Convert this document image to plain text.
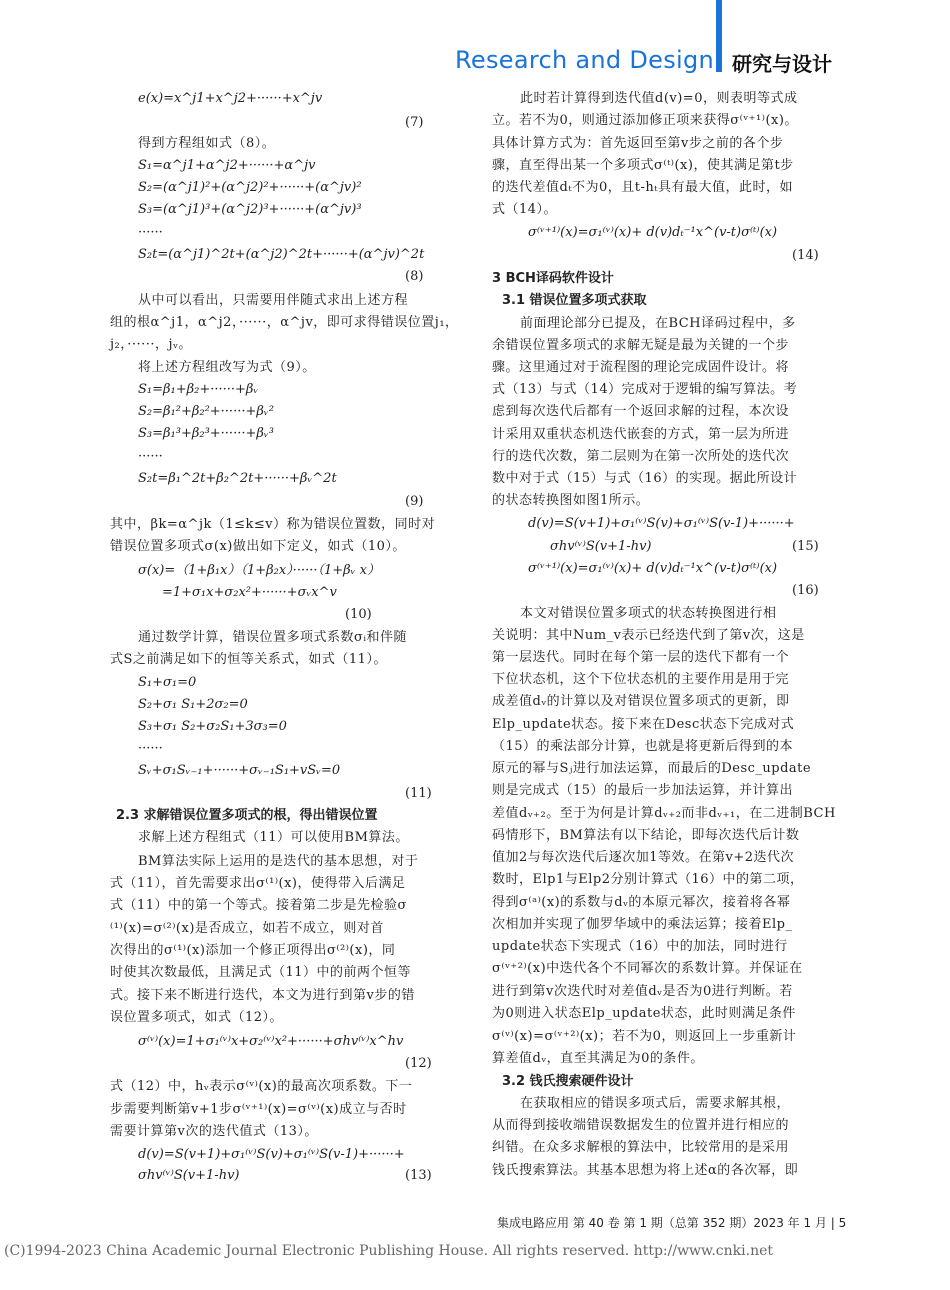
Research and Design 研究与设计
e(x)=x^j1+x^j2+······+x^jv
(7)
得到方程组如式（8）。
S₁=α^j1+α^j2+······+α^jv
S₂=(α^j1)²+(α^j2)²+······+(α^jv)²
S₃=(α^j1)³+(α^j2)³+······+(α^jv)³
······
S₂t=(α^j1)^2t+(α^j2)^2t+······+(α^jv)^2t
(8)
从中可以看出，只需要用伴随式求出上述方程
组的根α^j1，α^j2，······，α^jv，即可求得错误位置j₁，
j₂，······，jᵥ。
将上述方程组改写为式（9）。
S₁=β₁+β₂+······+βᵥ
S₂=β₁²+β₂²+······+βᵥ²
S₃=β₁³+β₂³+······+βᵥ³
······
S₂t=β₁^2t+β₂^2t+······+βᵥ^2t
(9)
其中，βk=α^jk（1≤k≤v）称为错误位置数，同时对
错误位置多项式σ(x)做出如下定义，如式（10）。
σ(x)=（1+β₁x）（1+β₂x）······（1+βᵥ x）
=1+σ₁x+σ₂x²+······+σᵥx^v
(10)
通过数学计算，错误位置多项式系数σᵢ和伴随
式S之前满足如下的恒等关系式，如式（11）。
S₁+σ₁=0
S₂+σ₁ S₁+2σ₂=0
S₃+σ₁ S₂+σ₂S₁+3σ₃=0
······
Sᵥ+σ₁Sᵥ₋₁+······+σᵥ₋₁S₁+vSᵥ=0
(11)
2.3 求解错误位置多项式的根，得出错误位置
求解上述方程组式（11）可以使用BM算法。
BM算法实际上运用的是迭代的基本思想，对于
式（11），首先需要求出σ⁽¹⁾(x)，使得带入后满足
式（11）中的第一个等式。接着第二步是先检验σ
⁽¹⁾(x)=σ⁽²⁾(x)是否成立，如若不成立，则对首
次得出的σ⁽¹⁾(x)添加一个修正项得出σ⁽²⁾(x)，同
时使其次数最低，且满足式（11）中的前两个恒等
式。接下来不断进行迭代，本文为进行到第v步的错
误位置多项式，如式（12）。
σ⁽ᵛ⁾(x)=1+σ₁⁽ᵛ⁾x+σ₂⁽ᵛ⁾x²+······+σhv⁽ᵛ⁾x^hv
(12)
式（12）中，hᵥ表示σ⁽ᵛ⁾(x)的最高次项系数。下一
步需要判断第v+1步σ⁽ᵛ⁺¹⁾(x)=σ⁽ᵛ⁾(x)成立与否时
需要计算第v次的迭代值式（13）。
d(v)=S(v+1)+σ₁⁽ᵛ⁾S(v)+σ₁⁽ᵛ⁾S(v-1)+······+
σhv⁽ᵛ⁾S(v+1-hv)	(13)
此时若计算得到迭代值d(v)=0，则表明等式成
立。若不为0，则通过添加修正项来获得σ⁽ᵛ⁺¹⁾(x)。
具体计算方式为：首先返回至第v步之前的各个步
骤，直至得出某一个多项式σ⁽ᵗ⁾(x)，使其满足第t步
的迭代差值dₜ不为0，且t-hₜ具有最大值，此时，如
式（14）。
σ⁽ᵛ⁺¹⁾(x)=σ₁⁽ᵛ⁾(x)+ d(v)dₜ⁻¹x^(v-t)σ⁽ᵗ⁾(x)
(14)
3 BCH译码软件设计
3.1 错误位置多项式获取
前面理论部分已提及，在BCH译码过程中，多
余错误位置多项式的求解无疑是最为关键的一个步
骤。这里通过对于流程图的理论完成固件设计。将
式（13）与式（14）完成对于逻辑的编写算法。考
虑到每次迭代后都有一个返回求解的过程，本次设
计采用双重状态机迭代嵌套的方式，第一层为所进
行的迭代次数，第二层则为在第一次所处的迭代次
数中对于式（15）与式（16）的实现。据此所设计
的状态转换图如图1所示。
d(v)=S(v+1)+σ₁⁽ᵛ⁾S(v)+σ₁⁽ᵛ⁾S(v-1)+······+
σhv⁽ᵛ⁾S(v+1-hv)	(15)
σ⁽ᵛ⁺¹⁾(x)=σ₁⁽ᵛ⁾(x)+ d(v)dₜ⁻¹x^(v-t)σ⁽ᵗ⁾(x)
(16)
本文对错误位置多项式的状态转换图进行相
关说明：其中Num_v表示已经迭代到了第v次，这是
第一层迭代。同时在每个第一层的迭代下都有一个
下位状态机，这个下位状态机的主要作用是用于完
成差值dᵥ的计算以及对错误位置多项式的更新，即
Elp_update状态。接下来在Desc状态下完成对式
（15）的乘法部分计算，也就是将更新后得到的本
原元的幂与Sⱼ进行加法运算，而最后的Desc_update
则是完成式（15）的最后一步加法运算，并计算出
差值dᵥ₊₂。至于为何是计算dᵥ₊₂而非dᵥ₊₁，在二进制BCH
码情形下，BM算法有以下结论，即每次迭代后计数
值加2与每次迭代后逐次加1等效。在第v+2迭代次
数时，Elp1与Elp2分别计算式（16）中的第二项，
得到σ⁽ᵃ⁾(x)的系数与dᵥ的本原元幂次，接着将各幂
次相加并实现了伽罗华域中的乘法运算；接着Elp_
update状态下实现式（16）中的加法，同时进行
σ⁽ᵛ⁺²⁾(x)中迭代各个不同幂次的系数计算。并保证在
进行到第v次迭代时对差值dᵥ是否为0进行判断。若
为0则进入状态Elp_update状态，此时则满足条件
σ⁽ᵛ⁾(x)=σ⁽ᵛ⁺²⁾(x)；若不为0，则返回上一步重新计
算差值dᵥ，直至其满足为0的条件。
3.2 钱氏搜索硬件设计
在获取相应的错误多项式后，需要求解其根，
从而得到接收端错误数据发生的位置并进行相应的
纠错。在众多求解根的算法中，比较常用的是采用
钱氏搜索算法。其基本思想为将上述α的各次幂，即
集成电路应用 第 40 卷 第 1 期（总第 352 期）2023 年 1 月 | 5
(C)1994-2023 China Academic Journal Electronic Publishing House. All rights reserved. http://www.cnki.net
